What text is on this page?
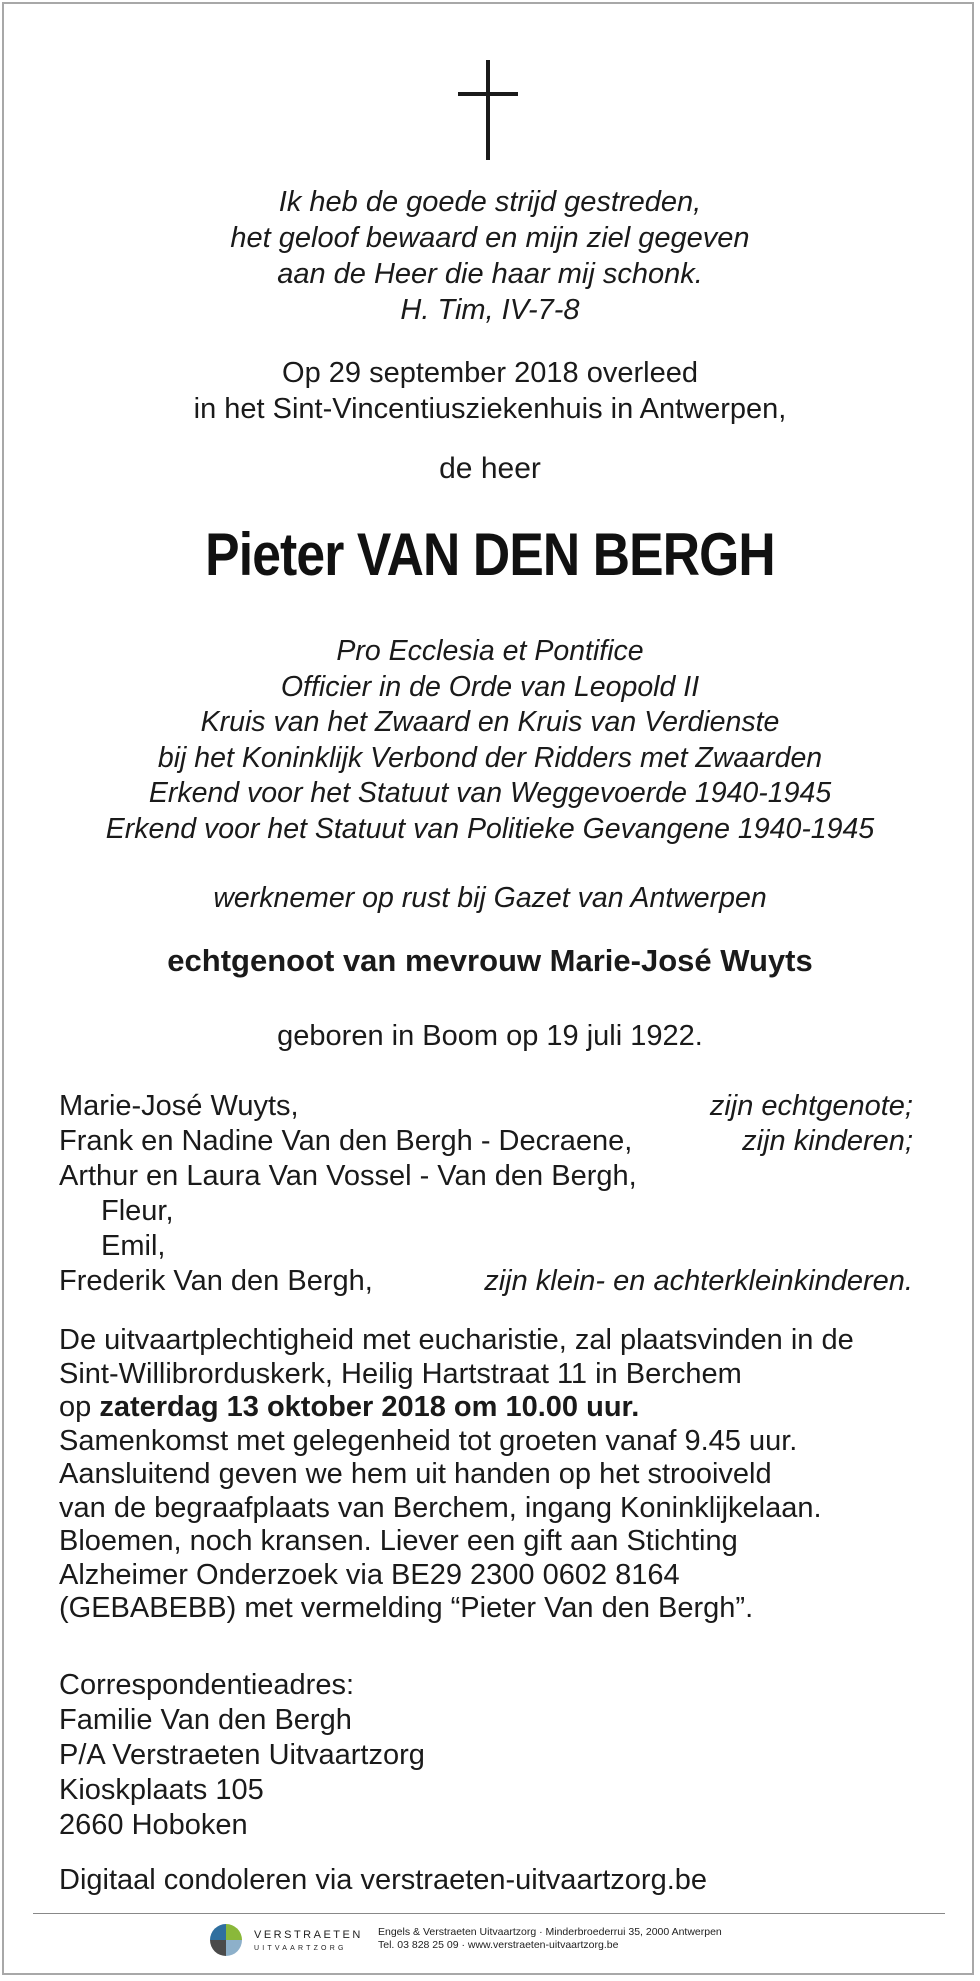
Ik heb de goede strijd gestreden,
het geloof bewaard en mijn ziel gegeven
aan de Heer die haar mij schonk.
H. Tim, IV-7-8
Op 29 september 2018 overleed
in het Sint-Vincentiusziekenhuis in Antwerpen,
de heer
Pieter VAN DEN BERGH
Pro Ecclesia et Pontifice
Officier in de Orde van Leopold II
Kruis van het Zwaard en Kruis van Verdienste
bij het Koninklijk Verbond der Ridders met Zwaarden
Erkend voor het Statuut van Weggevoerde 1940-1945
Erkend voor het Statuut van Politieke Gevangene 1940-1945
werknemer op rust bij Gazet van Antwerpen
echtgenoot van mevrouw Marie-José Wuyts
geboren in Boom op 19 juli 1922.
Marie-José Wuyts,	zijn echtgenote;
Frank en Nadine Van den Bergh - Decraene,	zijn kinderen;
Arthur en Laura Van Vossel - Van den Bergh,
Fleur,
Emil,
Frederik Van den Bergh,	zijn klein- en achterkleinkinderen.
De uitvaartplechtigheid met eucharistie, zal plaatsvinden in de
Sint-Willibrorduskerk, Heilig Hartstraat 11 in Berchem
op zaterdag 13 oktober 2018 om 10.00 uur.
Samenkomst met gelegenheid tot groeten vanaf 9.45 uur.
Aansluitend geven we hem uit handen op het strooiveld
van de begraafplaats van Berchem, ingang Koninklijkelaan.
Bloemen, noch kransen. Liever een gift aan Stichting
Alzheimer Onderzoek via BE29 2300 0602 8164
(GEBABEBB) met vermelding “Pieter Van den Bergh”.
Correspondentieadres:
Familie Van den Bergh
P/A Verstraeten Uitvaartzorg
Kioskplaats 105
2660 Hoboken
Digitaal condoleren via verstraeten-uitvaartzorg.be
VERSTRAETEN
UITVAARTZORG
Engels & Verstraeten Uitvaartzorg · Minderbroederrui 35, 2000 Antwerpen
Tel. 03 828 25 09 · www.verstraeten-uitvaartzorg.be
